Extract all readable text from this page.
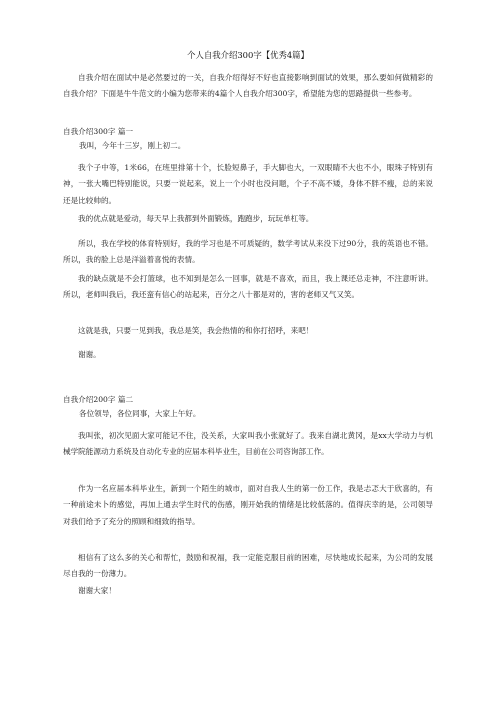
个人自我介绍300字【优秀4篇】
自我介绍在面试中是必然要过的一关，自我介绍得好不好也直接影响到面试的效果，那么要如何做精彩的自我介绍？下面是牛牛范文的小编为您带来的4篇个人自我介绍300字，希望能为您的思路提供一些参考。
自我介绍300字 篇一
我叫，今年十三岁，刚上初二。
我个子中等，1米66，在班里排第十个，长脸短鼻子，手大脚也大，一双眼睛不大也不小，眼珠子特别有神，一张大嘴巴特别能说，只要一说起来，说上一个小时也没问题，个子不高不矮，身体不胖不瘦，总的来说还是比较帅的。
我的优点就是爱动，每天早上我都到外面锻炼，跑跑步，玩玩单杠等。
所以，我在学校的体育特别好，我的学习也是不可质疑的，数学考试从来没下过90分，我的英语也不错。所以，我的脸上总是洋溢着喜悦的表情。
我的缺点就是不会打篮球，也不知到是怎么一回事，就是不喜欢，而且，我上课还总走神，不注意听讲。所以，老师叫我后，我还蛮有信心的站起来，百分之八十都是对的，害的老师又气又笑。
这就是我，只要一见到我，我总是笑，我会热情的和你打招呼，来吧！
谢谢。
自我介绍200字 篇二
各位领导，各位同事，大家上午好。
我叫张，初次见面大家可能记不住，没关系，大家叫我小张就好了。我来自湖北黄冈，是xx大学动力与机械学院能源动力系统及自动化专业的应届本科毕业生，目前在公司咨询部工作。
作为一名应届本科毕业生，新到一个陌生的城市，面对自我人生的第一份工作，我是忐忑大于欣喜的，有一种前途未卜的感觉，再加上通去学生时代的伤感，刚开始我的情绪是比较低落的。值得庆幸的是，公司领导对我们给予了充分的照顾和细致的指导。
相信有了这么多的关心和帮忙，鼓励和祝福，我一定能克服目前的困难，尽快地成长起来，为公司的发展尽自我的一份薄力。
谢谢大家！
